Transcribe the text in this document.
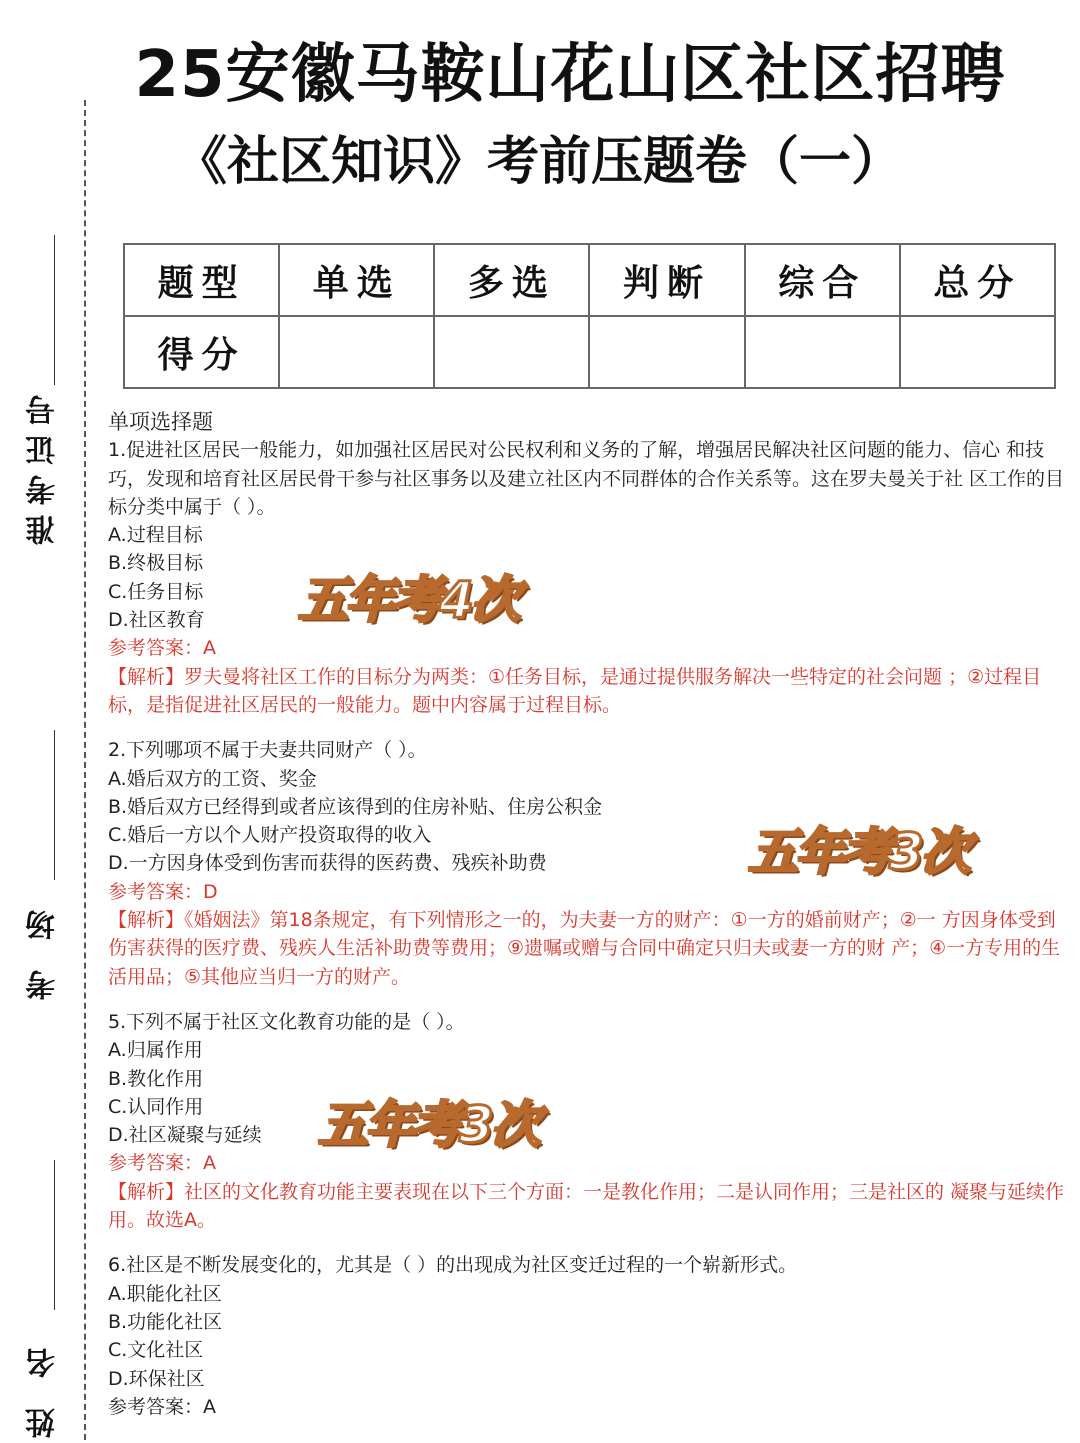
25安徽马鞍山花山区社区招聘
《社区知识》考前压题卷（一）
准考证号
考场
姓名
题型	单选	多选	判断	综合	总分
得分					

单项选择题

1.促进社区居民一般能力，如加强社区居民对公民权利和义务的了解，增强居民解决社区问题的能力、信心 和技巧，发现和培育社区居民骨干参与社区事务以及建立社区内不同群体的合作关系等。这在罗夫曼关于社 区工作的目标分类中属于（ ）。

A.过程目标

B.终极目标

C.任务目标

D.社区教育

参考答案：A

【解析】罗夫曼将社区工作的目标分为两类：①任务目标，是通过提供服务解决一些特定的社会问题 ；②过程目标，是指促进社区居民的一般能力。题中内容属于过程目标。

2.下列哪项不属于夫妻共同财产（ ）。

A.婚后双方的工资、奖金

B.婚后双方已经得到或者应该得到的住房补贴、住房公积金

C.婚后一方以个人财产投资取得的收入

D.一方因身体受到伤害而获得的医药费、残疾补助费

参考答案：D

【解析】《婚姻法》第18条规定，有下列情形之一的，为夫妻一方的财产：①一方的婚前财产；②一 方因身体受到伤害获得的医疗费、残疾人生活补助费等费用；⑨遗嘱或赠与合同中确定只归夫或妻一方的财 产；④一方专用的生活用品；⑤其他应当归一方的财产。

5.下列不属于社区文化教育功能的是（ ）。

A.归属作用

B.教化作用

C.认同作用

D.社区凝聚与延续

参考答案：A

【解析】社区的文化教育功能主要表现在以下三个方面：一是教化作用；二是认同作用；三是社区的 凝聚与延续作用。故选A。

6.社区是不断发展变化的，尤其是（ ）的出现成为社区变迁过程的一个崭新形式。

A.职能化社区

B.功能化社区

C.文化社区

D.环保社区

参考答案：A

五年考4次
五年考3次
五年考3次
